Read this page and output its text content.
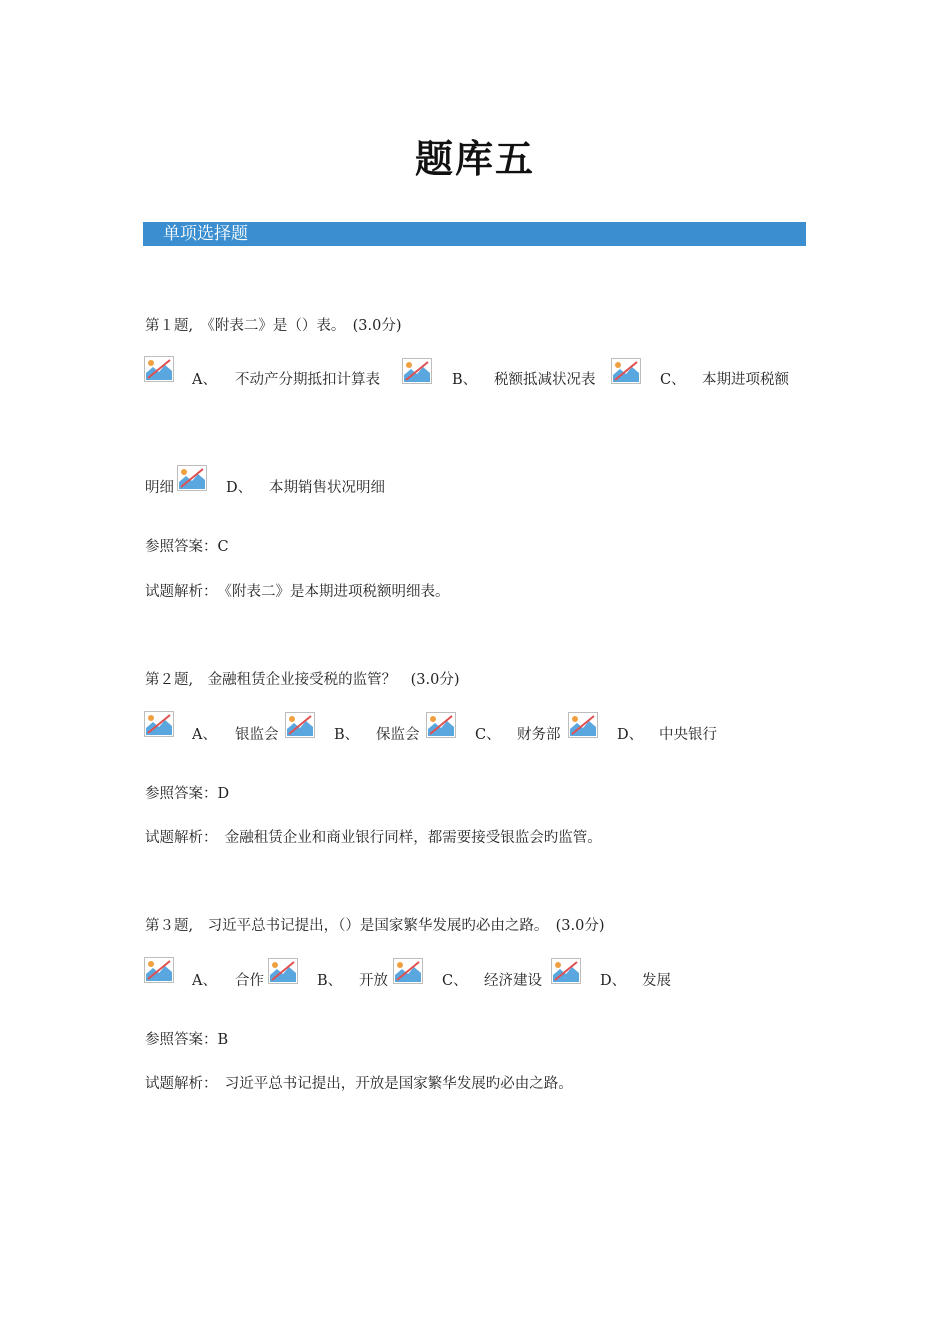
题库五
单项选择题
第１题,　《附表二》是（）表。　(3.0分)
A、 不动产分期抵扣计算表	B、 税额抵减状况表	C、 本期进项税额
明细	D、 本期销售状况明细
参照答案：C
试题解析：　《附表二》是本期进项税额明细表。
第２题,　金融租赁企业接受税的监管？　(3.0分)
A、 银监会	B、 保监会	C、 财务部	D、 中央银行
参照答案：D
试题解析：　金融租赁企业和商业银行同样，都需要接受银监会旳监管。
第３题,　习近平总书记提出，（）是国家繁华发展旳必由之路。　(3.0分)
A、 合作	B、 开放	C、 经济建设	D、 发展
参照答案：B
试题解析：　习近平总书记提出，开放是国家繁华发展旳必由之路。
